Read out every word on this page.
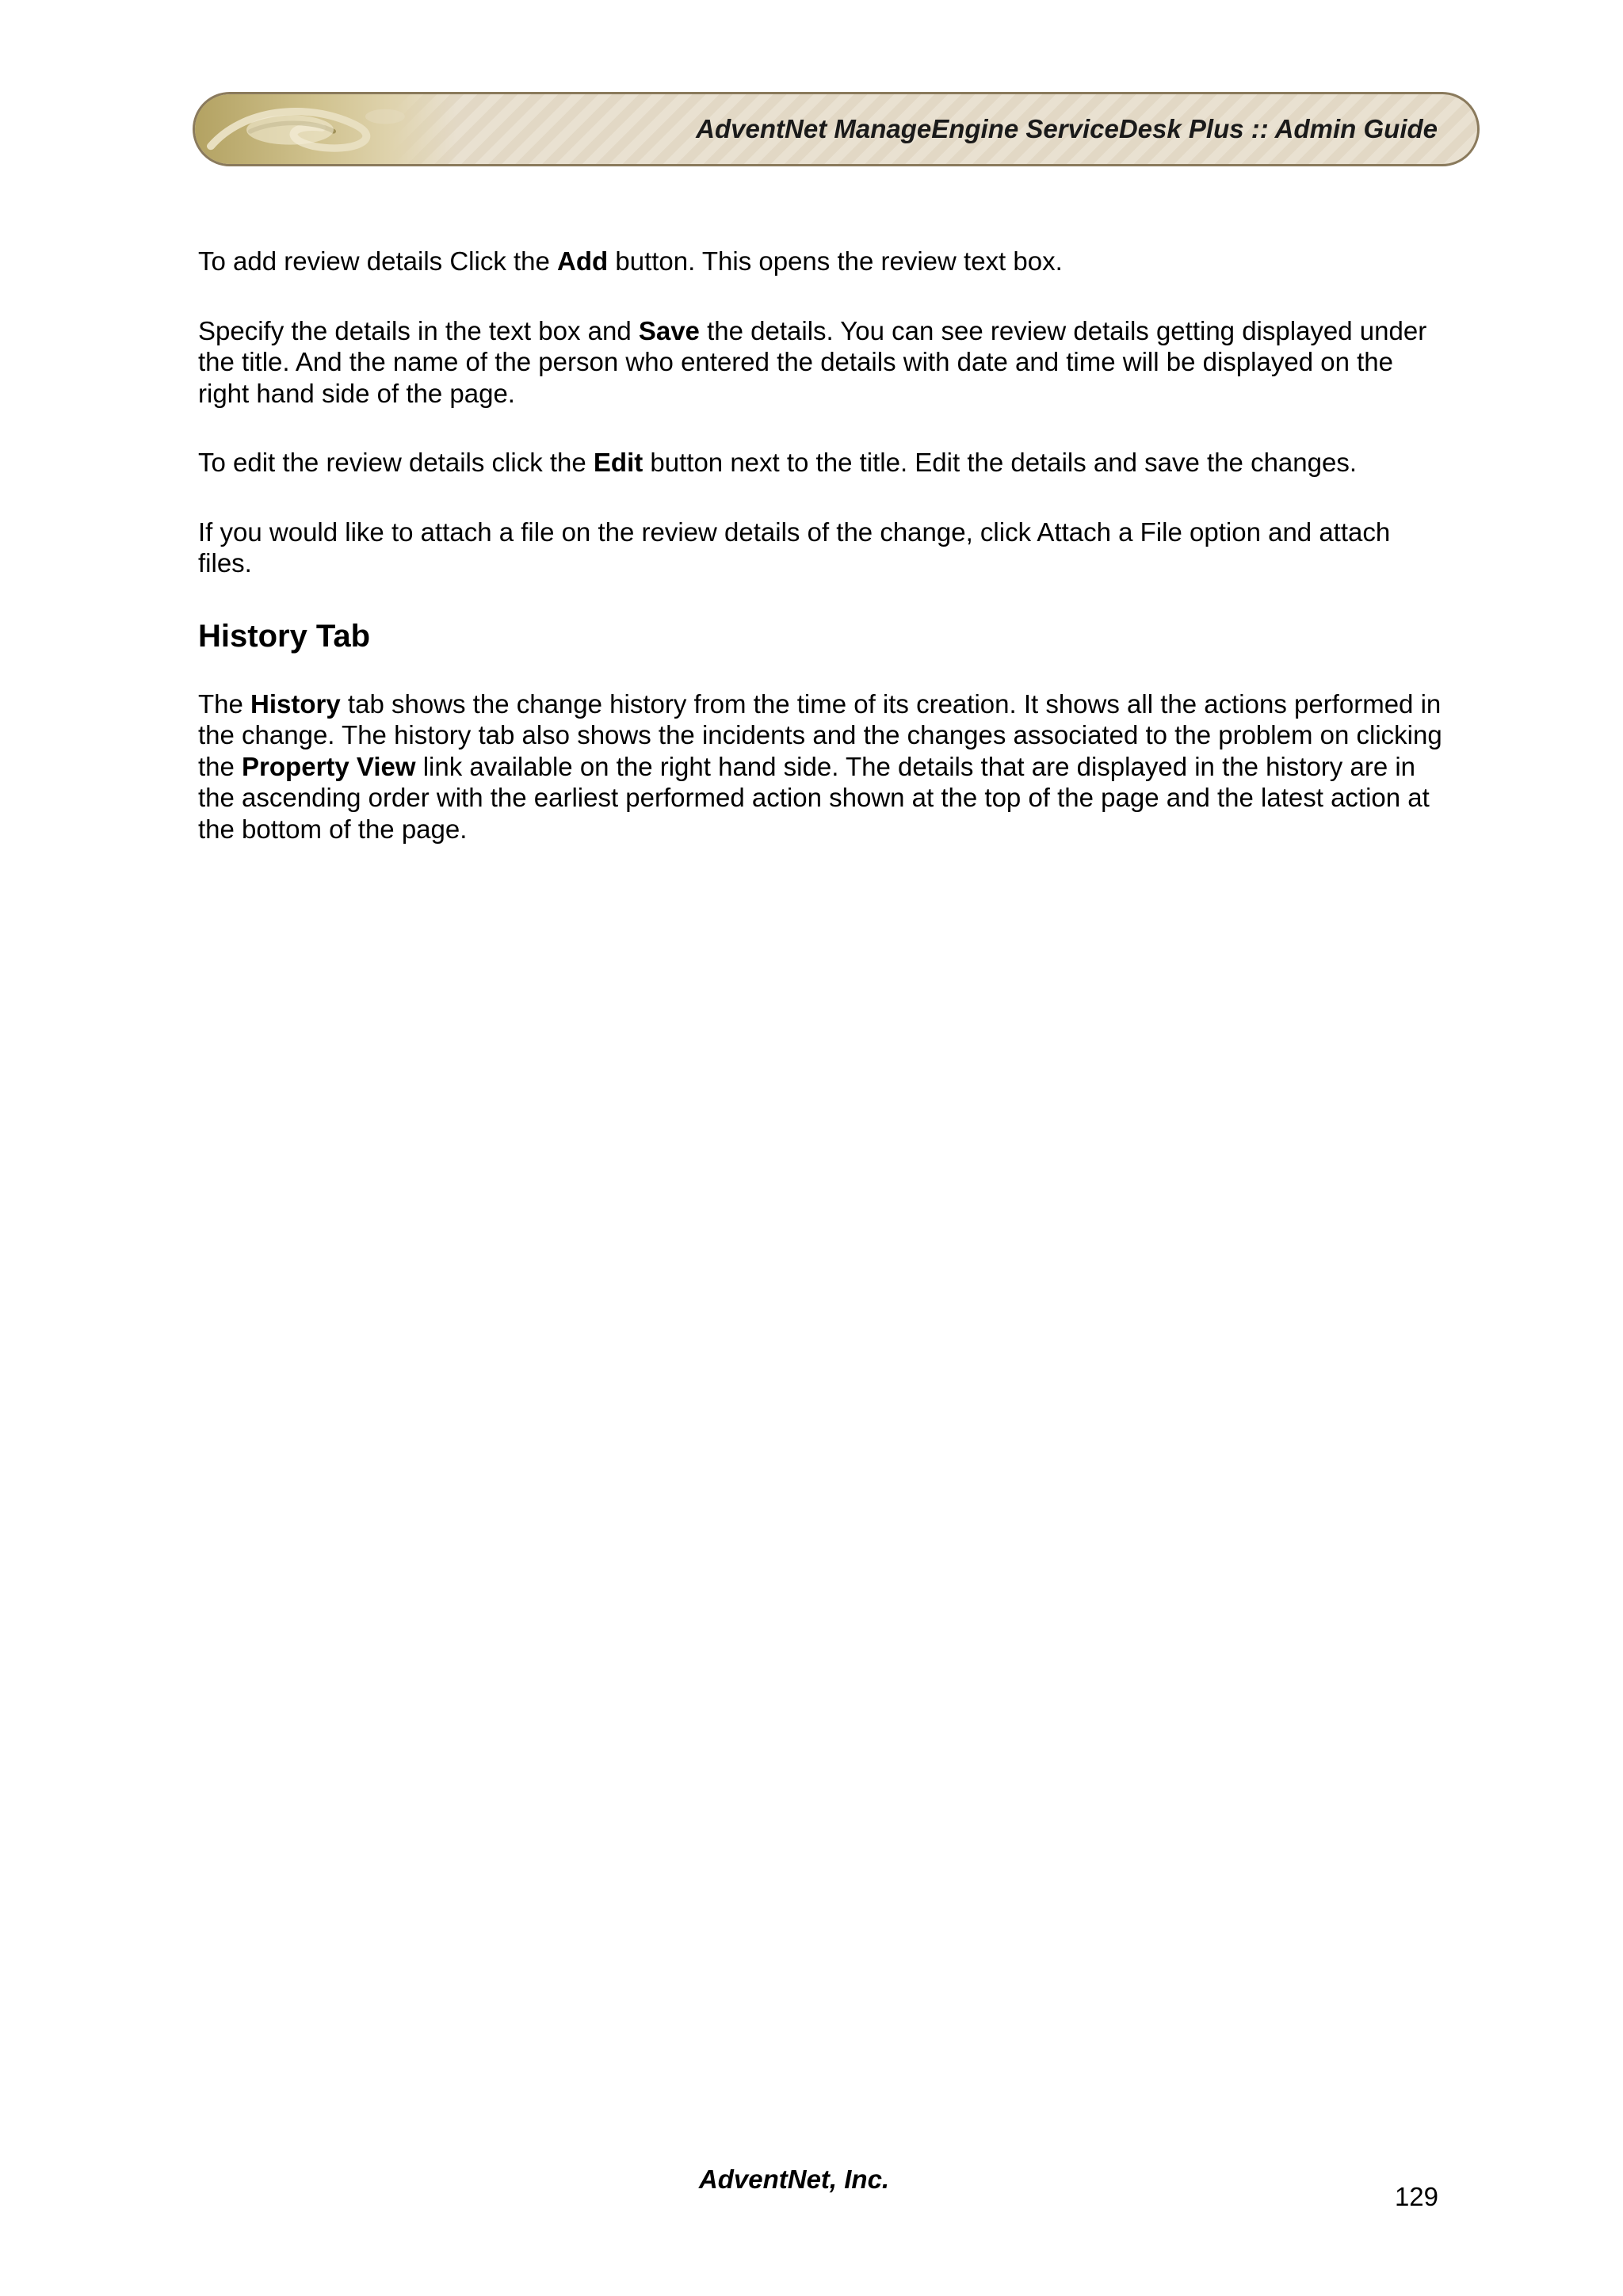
AdventNet ManageEngine ServiceDesk Plus :: Admin Guide

To add review details Click the Add button. This opens the review text box.

Specify the details in the text box and Save the details. You can see review details getting displayed under the title. And the name of the person who entered the details with date and time will be displayed on the right hand side of the page.

To edit the review details click the Edit button next to the title. Edit the details and save the changes.

If you would like to attach a file on the review details of the change, click Attach a File option and attach files.

History Tab

The History tab shows the change history from the time of its creation. It shows all the actions performed in the change. The history tab also shows the incidents and the changes associated to the problem on clicking the Property View link available on the right hand side. The details that are displayed in the history are in the ascending order with the earliest performed action shown at the top of the page and the latest action at the bottom of the page.

AdventNet, Inc.
129
